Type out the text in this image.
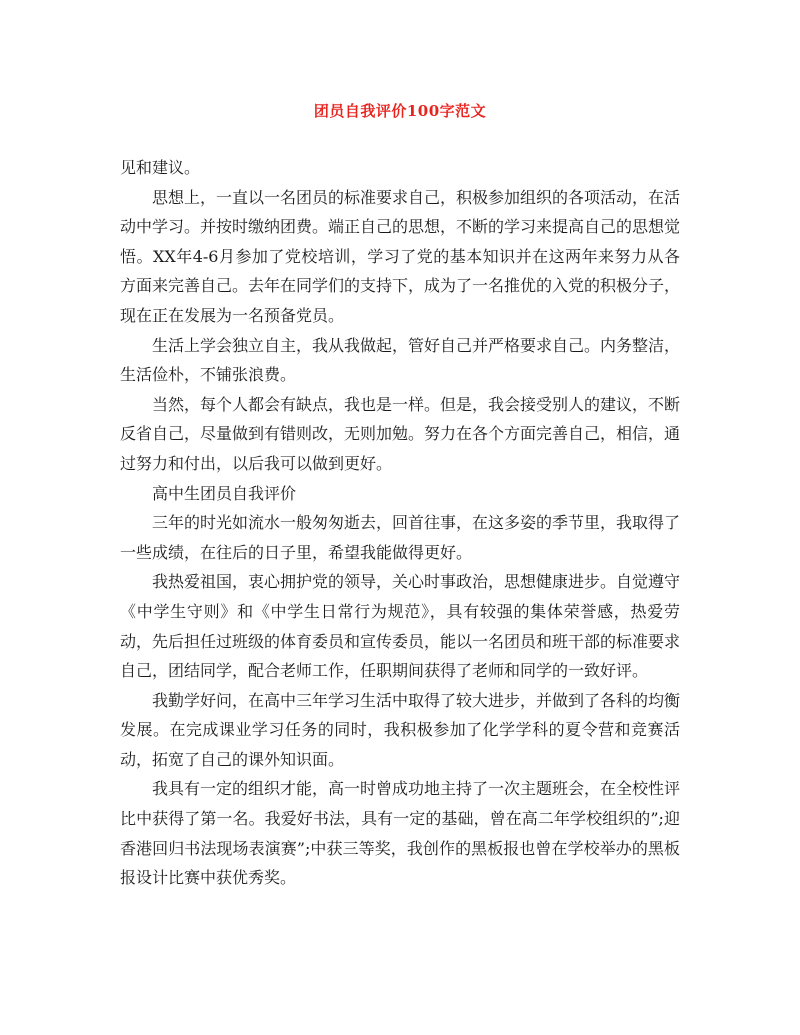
团员自我评价100字范文

见和建议。

思想上，一直以一名团员的标准要求自己，积极参加组织的各项活动，在活动中学习。并按时缴纳团费。端正自己的思想，不断的学习来提高自己的思想觉悟。XX年4-6月参加了党校培训，学习了党的基本知识并在这两年来努力从各方面来完善自己。去年在同学们的支持下，成为了一名推优的入党的积极分子，现在正在发展为一名预备党员。

生活上学会独立自主，我从我做起，管好自己并严格要求自己。内务整洁，生活俭朴，不铺张浪费。

当然，每个人都会有缺点，我也是一样。但是，我会接受别人的建议，不断反省自己，尽量做到有错则改，无则加勉。努力在各个方面完善自己，相信，通过努力和付出，以后我可以做到更好。

高中生团员自我评价

三年的时光如流水一般匆匆逝去，回首往事，在这多姿的季节里，我取得了一些成绩，在往后的日子里，希望我能做得更好。

我热爱祖国，衷心拥护党的领导，关心时事政治，思想健康进步。自觉遵守《中学生守则》和《中学生日常行为规范》，具有较强的集体荣誉感，热爱劳动，先后担任过班级的体育委员和宣传委员，能以一名团员和班干部的标准要求自己，团结同学，配合老师工作，任职期间获得了老师和同学的一致好评。

我勤学好问，在高中三年学习生活中取得了较大进步，并做到了各科的均衡发展。在完成课业学习任务的同时，我积极参加了化学学科的夏令营和竞赛活动，拓宽了自己的课外知识面。

我具有一定的组织才能，高一时曾成功地主持了一次主题班会，在全校性评比中获得了第一名。我爱好书法，具有一定的基础，曾在高二年学校组织的”;迎香港回归书法现场表演赛”;中获三等奖，我创作的黑板报也曾在学校举办的黑板报设计比赛中获优秀奖。
